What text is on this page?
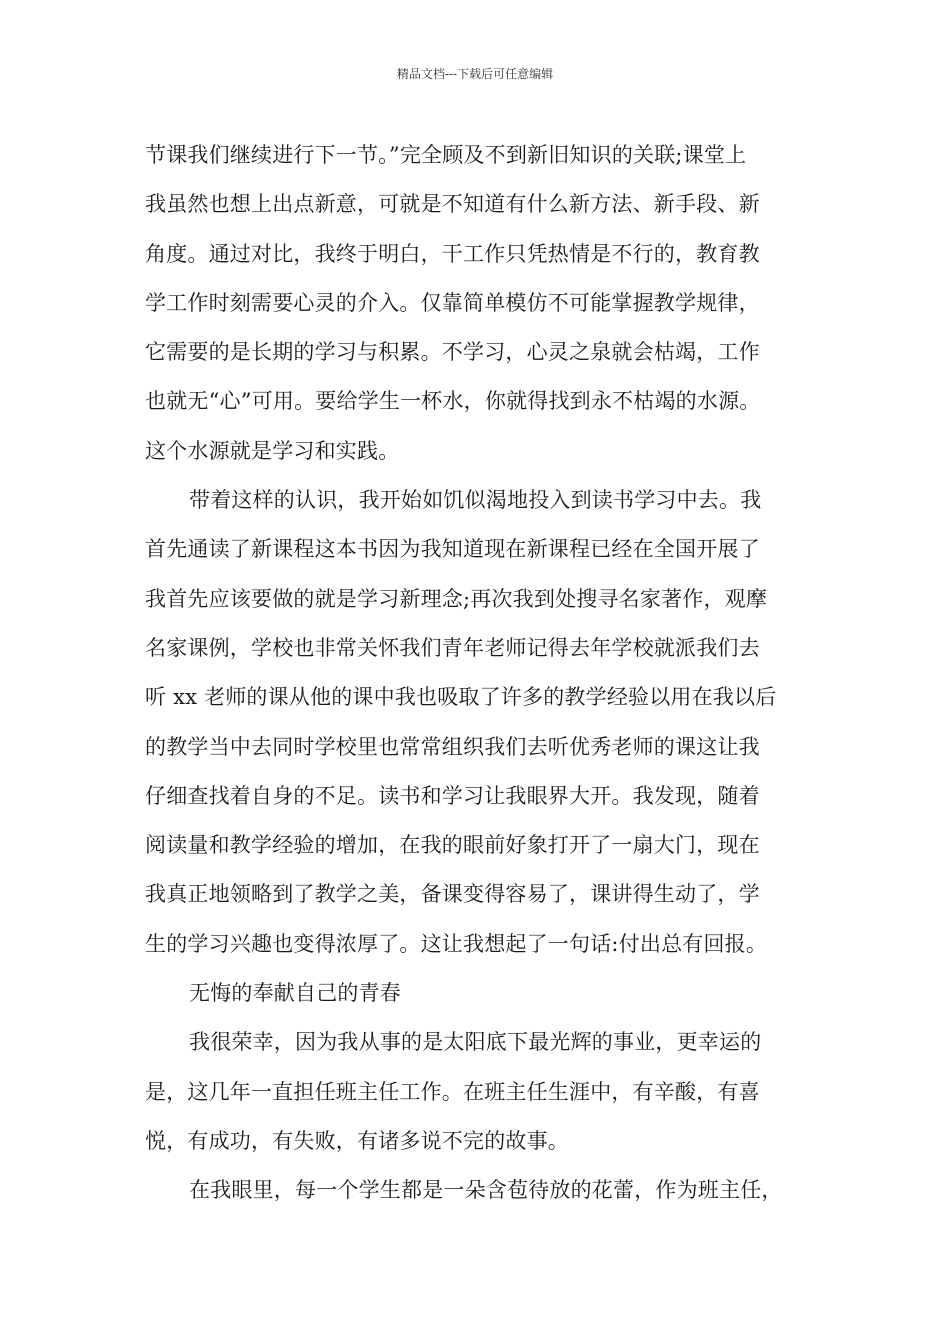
精品文档---下载后可任意编辑
节课我们继续进行下一节。”完全顾及不到新旧知识的关联;课堂上
我虽然也想上出点新意，可就是不知道有什么新方法、新手段、新
角度。通过对比，我终于明白，干工作只凭热情是不行的，教育教
学工作时刻需要心灵的介入。仅靠简单模仿不可能掌握教学规律，
它需要的是长期的学习与积累。不学习，心灵之泉就会枯竭，工作
也就无“心”可用。要给学生一杯水，你就得找到永不枯竭的水源。
这个水源就是学习和实践。
带着这样的认识，我开始如饥似渴地投入到读书学习中去。我
首先通读了新课程这本书因为我知道现在新课程已经在全国开展了
我首先应该要做的就是学习新理念;再次我到处搜寻名家著作，观摩
名家课例，学校也非常关怀我们青年老师记得去年学校就派我们去
听 xx 老师的课从他的课中我也吸取了许多的教学经验以用在我以后
的教学当中去同时学校里也常常组织我们去听优秀老师的课这让我
仔细查找着自身的不足。读书和学习让我眼界大开。我发现，随着
阅读量和教学经验的增加，在我的眼前好象打开了一扇大门，现在
我真正地领略到了教学之美，备课变得容易了，课讲得生动了，学
生的学习兴趣也变得浓厚了。这让我想起了一句话:付出总有回报。
无悔的奉献自己的青春
我很荣幸，因为我从事的是太阳底下最光辉的事业，更幸运的
是，这几年一直担任班主任工作。在班主任生涯中，有辛酸，有喜
悦，有成功，有失败，有诸多说不完的故事。
在我眼里，每一个学生都是一朵含苞待放的花蕾，作为班主任，
